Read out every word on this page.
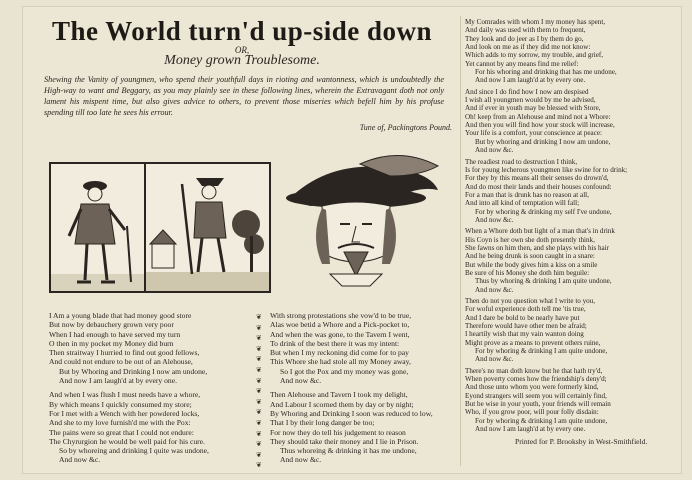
The World turn'd up-side down
OR,
Money grown Troublesome.
Shewing the Vanity of youngmen, who spend their youthfull days in rioting and wantonness, which is undoubtedly the High-way to want and Beggary, as you may plainly see in these following lines, wherein the Extravagant doth not only lament his mispent time, but also gives advice to others, to prevent those miseries which befell him by his profuse spending till too late he sees his errour.
Tune of, Packingtons Pound.
I Am a young blade that had money good store
But now by debauchery grown very poor
When I had enough to have served my turn
O then in my pocket my Money did burn
Then straitway I hurried to find out good fellows,
And could not endure to be out of an Alehouse,
But by Whoring and Drinking I now am undone,
And now I am laugh'd at by every one.
And when I was flush I must needs have a whore,
By which means I quickly consumed my store;
For I met with a Wench with her powdered locks,
And she to my love furnish'd me with the Pox:
The pains were so great that I could not endure:
The Chyrurgion he would be well paid for his cure.
So by whoreing and drinking I quite was undone,
And now &c.
❦
❦
❦
❦
❦
❦
❦
❦
❦
❦
❦
❦
❦
❦
❦
With strong protestations she vow'd to be true,
Alas woe betid a Whore and a Pick-pocket to,
And when the was gone, to the Tavern I went,
To drink of the best there it was my intent:
But when I my reckoning did come for to pay
This Whore she had stole all my Money away,
So I got the Pox and my money was gone,
And now &c.
Then Alehouse and Tavern I took my delight,
And Labour I scorned them by day or by night;
By Whoring and Drinking I soon was reduced to low,
That I by their long danger be too;
For now they do tell his judgement to reason
They should take their money and I lie in Prison.
Thus whoreing & drinking it has me undone,
And now &c.
My Comrades with whom I my money has spent,
And daily was used with them to frequent,
They look and do jeer as I by them do go,
And look on me as if they did me not know:
Which adds to my sorrow, my trouble, and grief,
Yet cannot by any means find me relief:
For his whoring and drinking that has me undone,
And now I am laugh'd at by every one.
And since I do find how I now am despised
I wish all youngmen would by me be advised,
And if ever in youth may be blessed with Store,
Oh! keep from an Alehouse and mind not a Whore:
And then you will find how your stock will increase,
Your life is a comfort, your conscience at peace:
But by whoring and drinking I now am undone,
And now &c.
The readiest road to destruction I think,
Is for young lecherous youngmen like swine for to drink;
For they by this means all their senses do drown'd,
And do most their lands and their houses confound:
For a man that is drunk has no reason at all,
And into all kind of temptation will fall;
For by whoring & drinking my self I've undone,
And now &c.
When a Whore doth but light of a man that's in drink
His Coyn is her own she doth presently think,
She fawns on him then, and she plays with his hair
And he being drunk is soon caught in a snare:
But while the body gives him a kiss on a smile
Be sure of his Money she doth him beguile:
Thus by whoring & drinking I am quite undone,
And now &c.
Then do not you question what I write to you,
For woful experience doth tell me 'tis true,
And I dare be bold to be nearly have put
Therefore would have other men be afraid;
I heartily wish that my vain wanton doing
Might prove as a means to prevent others ruine,
For by whoring & drinking I am quite undone,
And now &c.
There's no man doth know but he that hath try'd,
When poverty comes how the friendship's deny'd;
And those unto whom you were formerly kind,
Eyond strangers will seem you will certainly find,
But be wise in your youth, your friends will remain
Who, if you grow poor, will pour folly disdain:
For by whoring & drinking I am quite undone,
And now I am laugh'd at by every one.
Printed for P. Brooksby in West-Smithfield.
